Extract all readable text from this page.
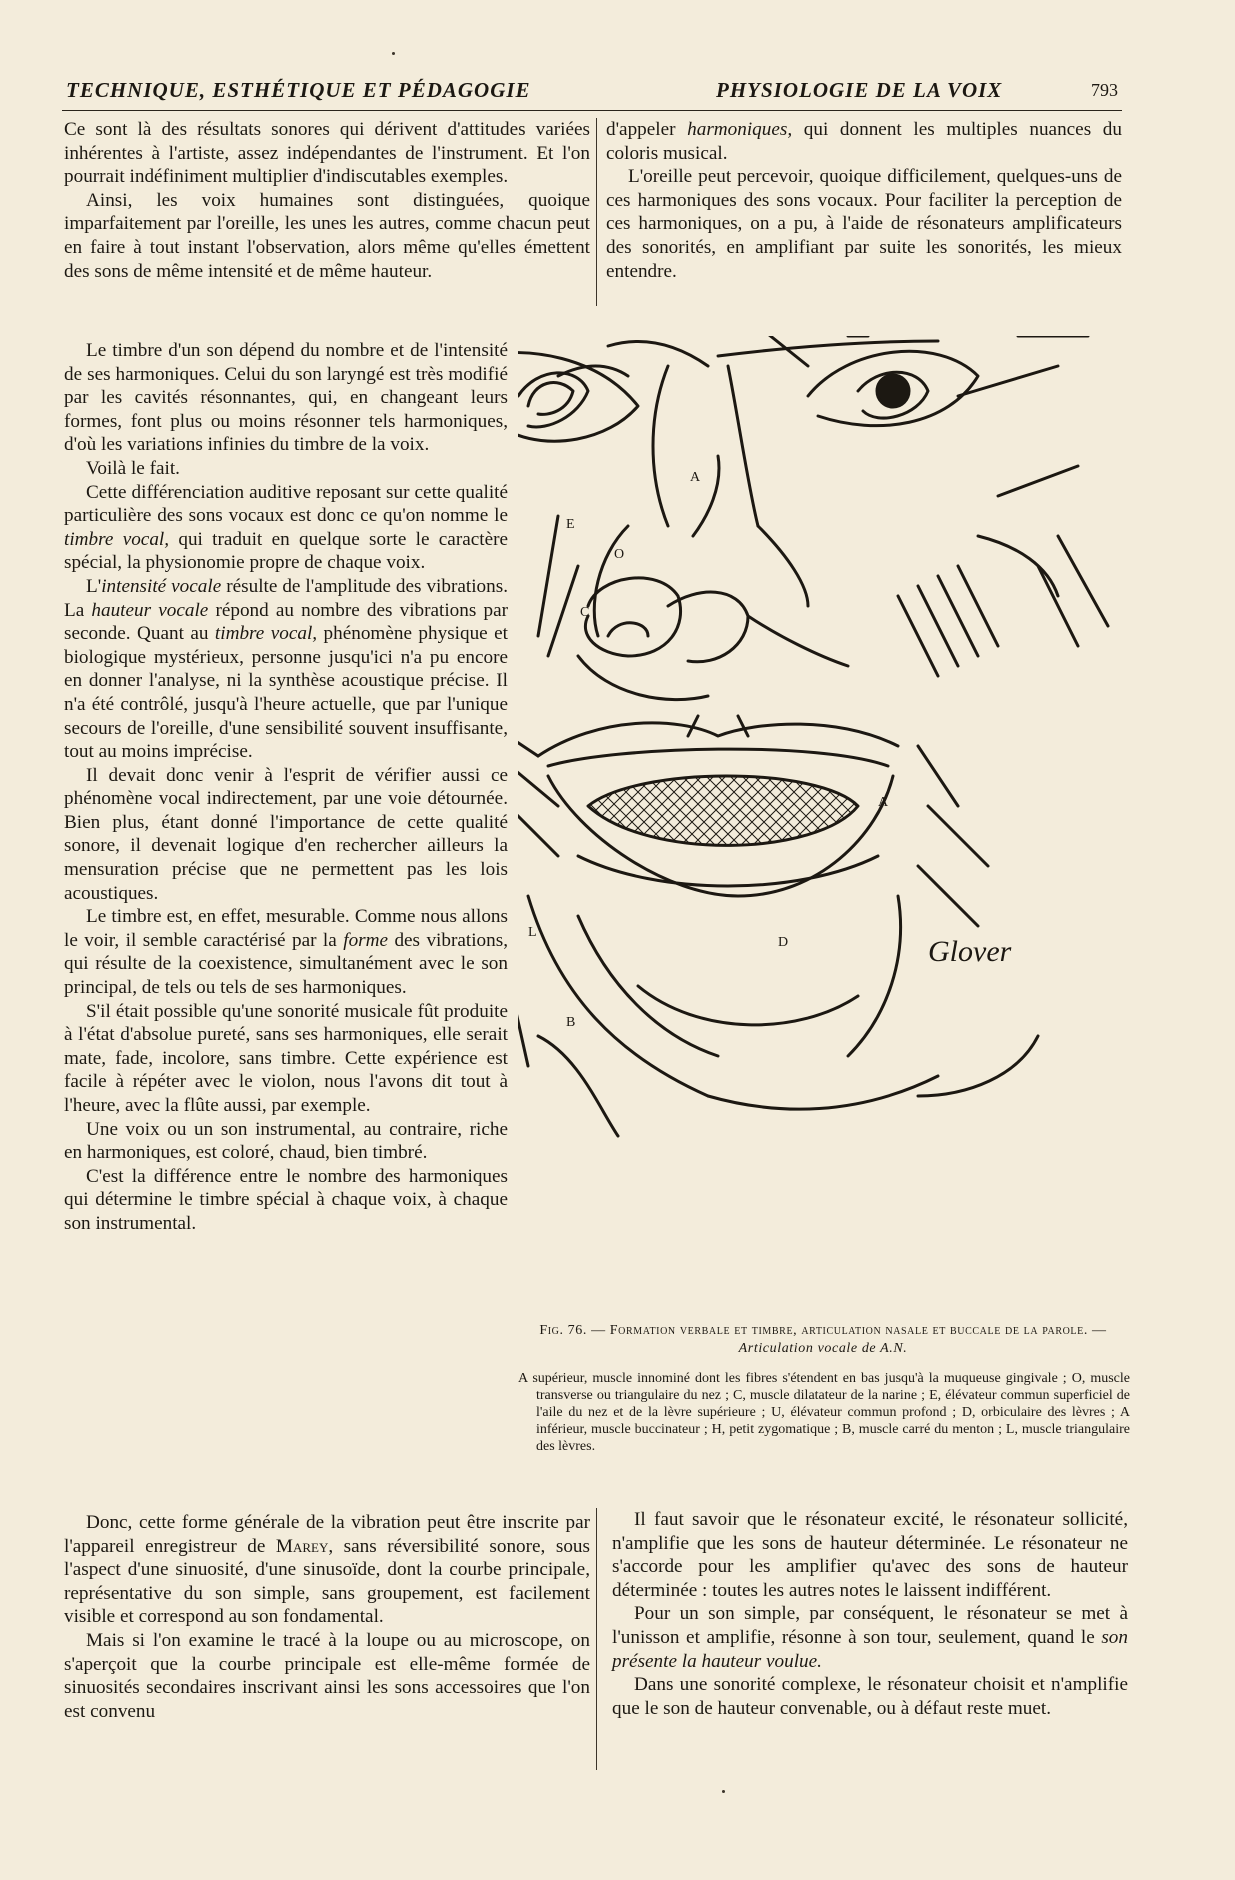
TECHNIQUE, ESTHÉTIQUE ET PÉDAGOGIE	PHYSIOLOGIE DE LA VOIX	793

Ce sont là des résultats sonores qui dérivent d'attitudes variées inhérentes à l'artiste, assez indépendantes de l'instrument. Et l'on pourrait indéfiniment multiplier d'indiscutables exemples.

Ainsi, les voix humaines sont distinguées, quoique imparfaitement par l'oreille, les unes les autres, comme chacun peut en faire à tout instant l'observation, alors même qu'elles émettent des sons de même intensité et de même hauteur.

d'appeler harmoniques, qui donnent les multiples nuances du coloris musical.

L'oreille peut percevoir, quoique difficilement, quelques-uns de ces harmoniques des sons vocaux. Pour faciliter la perception de ces harmoniques, on a pu, à l'aide de résonateurs amplificateurs des sonorités, en amplifiant par suite les sonorités, les mieux entendre.

Le timbre d'un son dépend du nombre et de l'intensité de ses harmoniques. Celui du son laryngé est très modifié par les cavités résonnantes, qui, en changeant leurs formes, font plus ou moins résonner tels harmoniques, d'où les variations infinies du timbre de la voix.

Voilà le fait.

Cette différenciation auditive reposant sur cette qualité particulière des sons vocaux est donc ce qu'on nomme le timbre vocal, qui traduit en quelque sorte le caractère spécial, la physionomie propre de chaque voix.

L'intensité vocale résulte de l'amplitude des vibrations. La hauteur vocale répond au nombre des vibrations par seconde. Quant au timbre vocal, phénomène physique et biologique mystérieux, personne jusqu'ici n'a pu encore en donner l'analyse, ni la synthèse acoustique précise. Il n'a été contrôlé, jusqu'à l'heure actuelle, que par l'unique secours de l'oreille, d'une sensibilité souvent insuffisante, tout au moins imprécise.

Il devait donc venir à l'esprit de vérifier aussi ce phénomène vocal indirectement, par une voie détournée. Bien plus, étant donné l'importance de cette qualité sonore, il devenait logique d'en rechercher ailleurs la mensuration précise que ne permettent pas les lois acoustiques.

Le timbre est, en effet, mesurable. Comme nous allons le voir, il semble caractérisé par la forme des vibrations, qui résulte de la coexistence, simultanément avec le son principal, de tels ou tels de ses harmoniques.

S'il était possible qu'une sonorité musicale fût produite à l'état d'absolue pureté, sans ses harmoniques, elle serait mate, fade, incolore, sans timbre. Cette expérience est facile à répéter avec le violon, nous l'avons dit tout à l'heure, avec la flûte aussi, par exemple.

Une voix ou un son instrumental, au contraire, riche en harmoniques, est coloré, chaud, bien timbré.

C'est la différence entre le nombre des harmoniques qui détermine le timbre spécial à chaque voix, à chaque son instrumental.

A
E
O
C
A
D
L
B
Glover
Fig. 76. — Formation verbale et timbre, articulation nasale et buccale de la parole. — Articulation vocale de A.N.

A supérieur, muscle innominé dont les fibres s'étendent en bas jusqu'à la muqueuse gingivale ; O, muscle transverse ou triangulaire du nez ; C, muscle dilatateur de la narine ; E, élévateur commun superficiel de l'aile du nez et de la lèvre supérieure ; U, élévateur commun profond ; D, orbiculaire des lèvres ; A inférieur, muscle buccinateur ; H, petit zygomatique ; B, muscle carré du menton ; L, muscle triangulaire des lèvres.

Donc, cette forme générale de la vibration peut être inscrite par l'appareil enregistreur de Marey, sans réversibilité sonore, sous l'aspect d'une sinuosité, d'une sinusoïde, dont la courbe principale, représentative du son simple, sans groupement, est facilement visible et correspond au son fondamental.

Mais si l'on examine le tracé à la loupe ou au microscope, on s'aperçoit que la courbe principale est elle-même formée de sinuosités secondaires inscrivant ainsi les sons accessoires que l'on est convenu

Il faut savoir que le résonateur excité, le résonateur sollicité, n'amplifie que les sons de hauteur déterminée. Le résonateur ne s'accorde pour les amplifier qu'avec des sons de hauteur déterminée : toutes les autres notes le laissent indifférent.

Pour un son simple, par conséquent, le résonateur se met à l'unisson et amplifie, résonne à son tour, seulement, quand le son présente la hauteur voulue.

Dans une sonorité complexe, le résonateur choisit et n'amplifie que le son de hauteur convenable, ou à défaut reste muet.
